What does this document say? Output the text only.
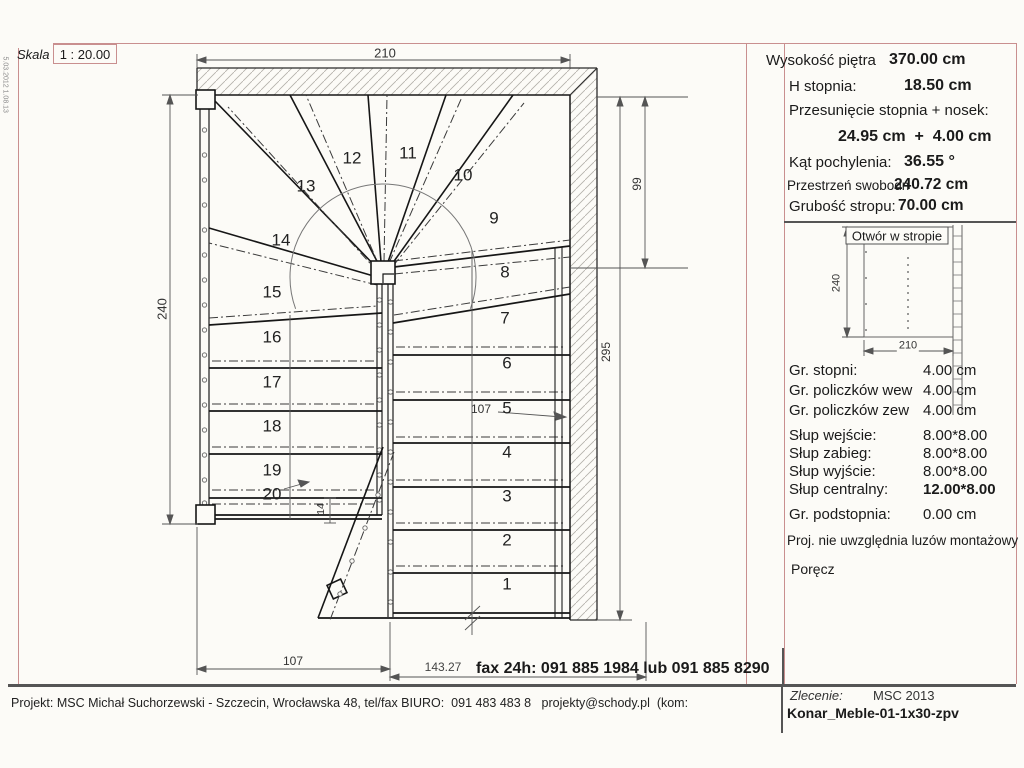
Skala 1 : 20.00
5.03.2012 1.08.13
1
2
3
4
5
6
7
8
9
10
11
12
13
14
15
16
17
18
19
20
210
240
99
295
107	143.27
107
14
Wysokość piętra 370.00 cm
H stopnia:	18.50 cm
Przesunięcie stopnia + nosek:
24.95 cm  +  4.00 cm
Kąt pochylenia: 36.55 °
Przestrzeń swobodn
240.72 cm
Grubość stropu: 70.00 cm
Otwór w stropie
240
210
Gr. stopni:	4.00 cm
Gr. policzków wew 4.00 cm
Gr. policzków zew 4.00 cm
Słup wejście:	8.00*8.00
Słup zabieg:	8.00*8.00
Słup wyjście:	8.00*8.00
Słup centralny: 12.00*8.00
Gr. podstopnia: 0.00 cm
Proj. nie uwzględnia luzów montażowy
Poręcz
fax 24h: 091 885 1984 lub 091 885 8290
Projekt: MSC Michał Suchorzewski - Szczecin, Wrocławska 48, tel/fax BIURO:  091 483 483 8   projekty@schody.pl  (kom:	Zlecenie: MSC 2013
Konar_Meble-01-1x30-zpv
